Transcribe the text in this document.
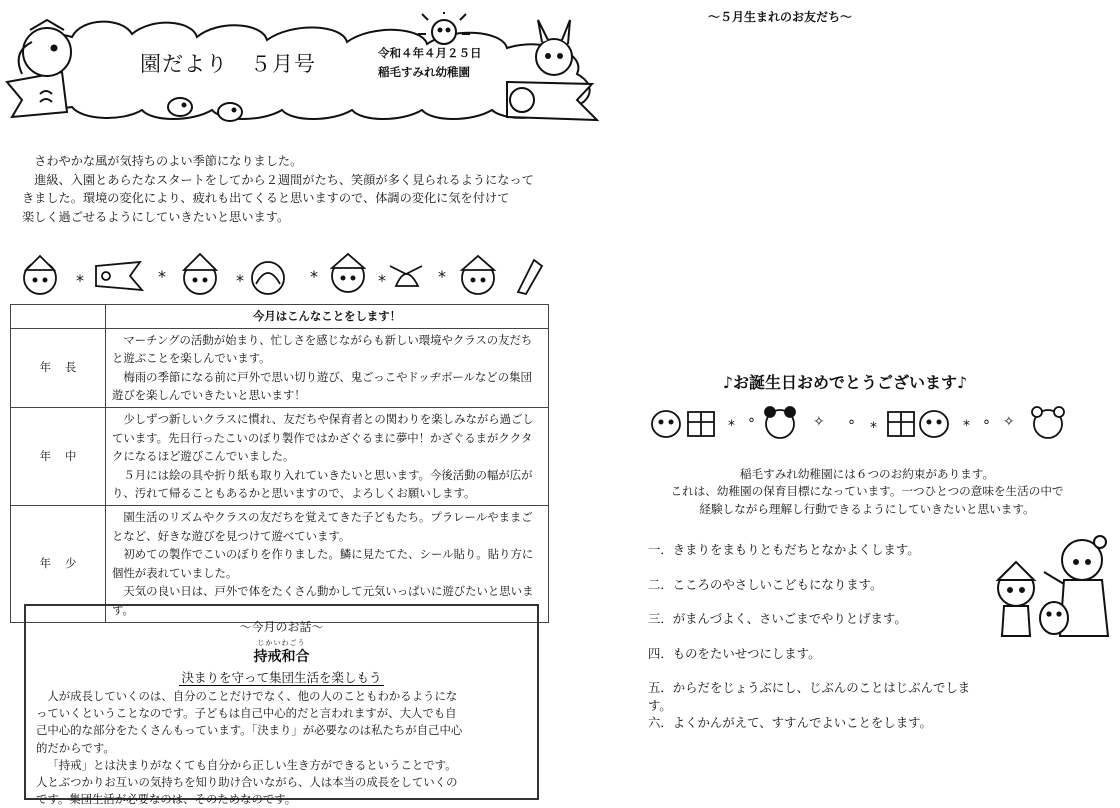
園だより　５月号	令和４年４月２５日
稲毛すみれ幼稚園

さわやかな風が気持ちのよい季節になりました。

進級、入園とあらたなスタートをしてから２週間がたち、笑顔が多く見られるようになって

きました。環境の変化により、疲れも出てくると思いますので、体調の変化に気を付けて

楽しく過ごせるようにしていきたいと思います。

*	*	*	*	*	*
	今月はこんなことをします！
年長	マーチングの活動が始まり、忙しさを感じながらも新しい環境やクラスの友だちと遊ぶことを楽しんでいます。

梅雨の季節になる前に戸外で思い切り遊び、鬼ごっこやドッヂボールなどの集団遊びを楽しんでいきたいと思います！

年中	少しずつ新しいクラスに慣れ、友だちや保育者との関わりを楽しみながら過ごしています。先日行ったこいのぼり製作ではかざぐるまに夢中！かざぐるまがククタクになるほど遊びこんでいました。

５月には絵の具や折り紙も取り入れていきたいと思います。今後活動の幅が広がり、汚れて帰ることもあるかと思いますので、よろしくお願いします。

年少	園生活のリズムやクラスの友だちを覚えてきた子どもたち。プラレールやままごとなど、好きな遊びを見つけて遊べています。

初めての製作でこいのぼりを作りました。鱗に見たてた、シール貼り。貼り方に個性が表れていました。

天気の良い日は、戸外で体をたくさん動かして元気いっぱいに遊びたいと思います。

～今月のお話～
じかいわごう
持戒和合
決まりを守って集団生活を楽しもう

人が成長していくのは、自分のことだけでなく、他の人のこともわかるようにな

っていくということなのです。子どもは自己中心的だと言われますが、大人でも自

己中心的な部分をたくさんもっています。「決まり」が必要なのは私たちが自己中心

的だからです。

「持戒」とは決まりがなくても自分から正しい生き方ができるということです。

人とぶつかりお互いの気持ちを知り助け合いながら、人は本当の成長をしていくの

です。集団生活が必要なのは、そのためなのです。

～５月生まれのお友だち～
♪お誕生日おめでとうございます♪
* °	✧ ° *	* ° ✧

稲毛すみれ幼稚園には６つのお約束があります。

これは、幼稚園の保育目標になっています。一つひとつの意味を生活の中で

経験しながら理解し行動できるようにしていきたいと思います。

一．きまりをまもりともだちとなかよくします。
二．こころのやさしいこどもになります。
三．がまんづよく、さいごまでやりとげます。
四．ものをたいせつにします。
五．からだをじょうぶにし、じぶんのことはじぶんでします。
六．よくかんがえて、すすんでよいことをします。
